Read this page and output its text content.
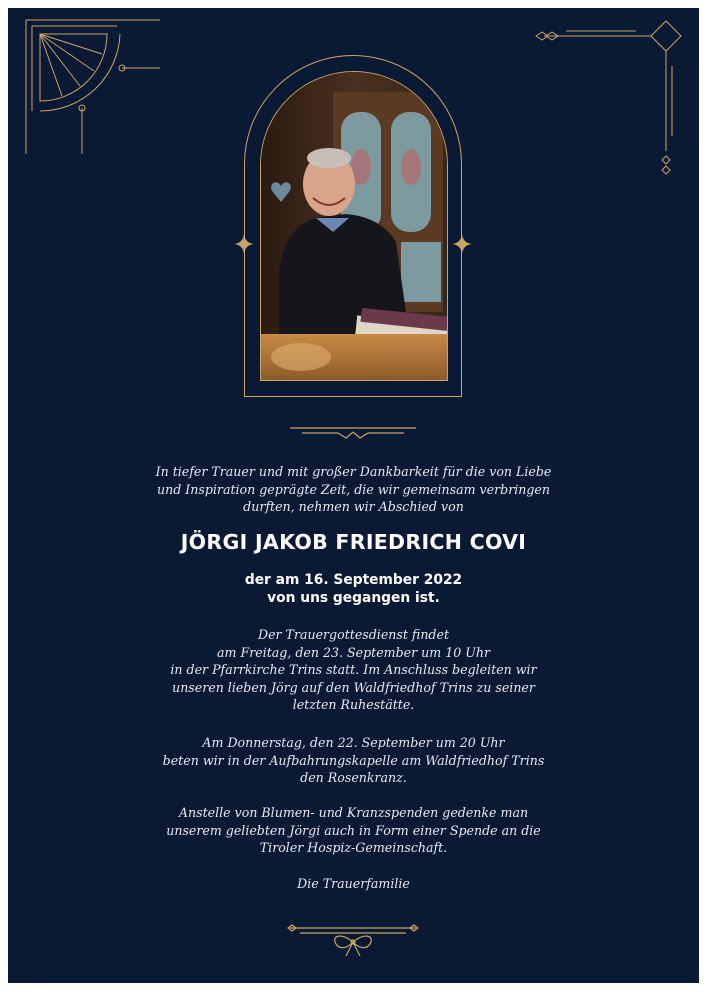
In tiefer Trauer und mit großer Dankbarkeit für die von Liebe
und Inspiration geprägte Zeit, die wir gemeinsam verbringen
durften, nehmen wir Abschied von
JÖRGI JAKOB FRIEDRICH COVI
der am 16. September 2022
von uns gegangen ist.
Der Trauergottesdienst findet
am Freitag, den 23. September um 10 Uhr
in der Pfarrkirche Trins statt. Im Anschluss begleiten wir
unseren lieben Jörg auf den Waldfriedhof Trins zu seiner
letzten Ruhestätte.
Am Donnerstag, den 22. September um 20 Uhr
beten wir in der Aufbahrungskapelle am Waldfriedhof Trins
den Rosenkranz.
Anstelle von Blumen- und Kranzspenden gedenke man
unserem geliebten Jörgi auch in Form einer Spende an die
Tiroler Hospiz-Gemeinschaft.
Die Trauerfamilie
